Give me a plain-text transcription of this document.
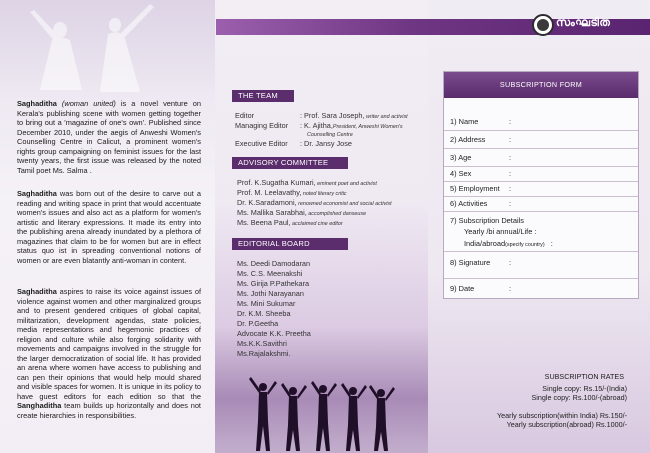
Saghaditha (woman united) is a novel venture on Kerala's publishing scene with women getting together to bring out a 'magazine of one's own'. Published since December 2010, under the aegis of Anweshi Women's Counselling Centre in Calicut, a prominent women's rights group campaigning on feminist issues for the last twenty years, the first issue was released by the noted Tamil poet Ms. Salma .
Saghaditha was born out of the desire to carve out a reading and writing space in print that would accentuate women's issues and also act as a platform for women's artistic and literary expressions. It made its entry into the publishing arena already inundated by a plethora of magazines that claim to be for women but are in effect status quo ist in spreading conventional notions of women or are even blatantly anti-woman in content.
Saghaditha aspires to raise its voice against issues of violence against women and other marginalized groups and to present gendered critiques of global capital, militarization, development agendas, state policies, media representations and hegemonic practices of religion and culture while also forging solidarity with movements and campaigns involved in the struggle for the larger democratization of social life. It has provided an arena where women have access to publishing and can pen their opinions that would help mould shared and visible spaces for women. It is unique in its policy to have guest editors for each edition so that the Sanghaditha team builds up horizontally and does not create hierarchies in responsibilities.
THE TEAM
Editor	: Prof. Sara Joseph, writer and activist
Managing Editor : K. Ajitha,President, Anweshi Women's
Counselling Centre
Executive Editor : Dr. Jansy Jose
ADVISORY COMMITTEE
Prof. K.Sugatha Kumari, eminent poet and activist
Prof. M. Leelavathy, noted literary critic
Dr. K.Saradamoni, renowned economist and social activist
Ms. Mallika Sarabhai, accomplished danseuse
Ms. Beena Paul, acclaimed cine editor
EDITORIAL BOARD
Ms. Deedi Damodaran
Ms. C.S. Meenakshi
Ms. Girija P.Pathekara
Ms. Jothi Narayanan
Ms. Mini Sukumar
Dr. K.M. Sheeba
Dr. P.Geetha
Advocate K.K. Preetha
Ms.K.K.Savithri
Ms.Rajalakshmi.
സംഘടിത
SUBSCRIPTION FORM
1) Name	:
2) Address	:
3) Age	:
4) Sex	:
5) Employment :
6) Activities	:
7) Subscription Details
Yearly /bi annual/Life :
India/abroad(specify country) :
8) Signature	:
9) Date	:
SUBSCRIPTION RATES
Single copy: Rs.15/-(India)
Single copy: Rs.100/-(abroad)
Yearly subscription(within India) Rs.150/-
Yearly subscription(abroad) Rs.1000/-
